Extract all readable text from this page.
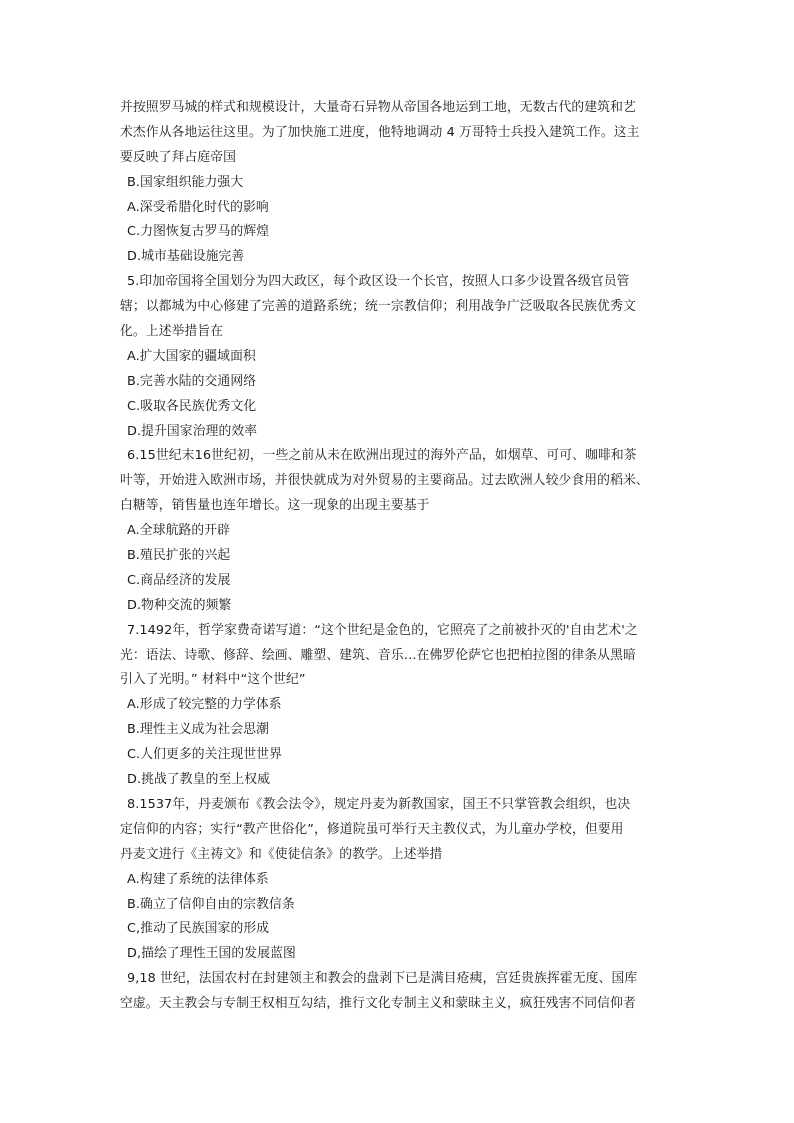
并按照罗马城的样式和规模设计，大量奇石异物从帝国各地运到工地，无数古代的建筑和艺
术杰作从各地运往这里。为了加快施工进度，他特地调动 4 万哥特士兵投入建筑工作。这主
要反映了拜占庭帝国
B.国家组织能力强大
A.深受希腊化时代的影响
C.力图恢复古罗马的辉煌
D.城市基础设施完善
5.印加帝国将全国划分为四大政区，每个政区设一个长官，按照人口多少设置各级官员管
辖；以都城为中心修建了完善的道路系统；统一宗教信仰；利用战争广泛吸取各民族优秀文
化。上述举措旨在
A.扩大国家的疆域面积
B.完善水陆的交通网络
C.吸取各民族优秀文化
D.提升国家治理的效率
6.15世纪末16世纪初，一些之前从未在欧洲出现过的海外产品，如烟草、可可、咖啡和茶
叶等，开始进入欧洲市场，并很快就成为对外贸易的主要商品。过去欧洲人较少食用的稻米、
白糖等，销售量也连年增长。这一现象的出现主要基于
A.全球航路的开辟
B.殖民扩张的兴起
C.商品经济的发展
D.物种交流的频繁
7.1492年，哲学家费奇诺写道：“这个世纪是金色的，它照亮了之前被扑灭的'自由艺术'之
光：语法、诗歌、修辞、绘画、雕塑、建筑、音乐…在佛罗伦萨它也把柏拉图的律条从黑暗
引入了光明。” 材料中“这个世纪”
A.形成了较完整的力学体系
B.理性主义成为社会思潮
C.人们更多的关注现世世界
D.挑战了教皇的至上权威
8.1537年，丹麦颁布《教会法令》，规定丹麦为新教国家，国王不只掌管教会组织，也决
定信仰的内容；实行“教产世俗化”，修道院虽可举行天主教仪式，为儿童办学校，但要用
丹麦文进行《主祷文》和《使徒信条》的教学。上述举措
A.构建了系统的法律体系
B.确立了信仰自由的宗教信条
C,推动了民族国家的形成
D,描绘了理性王国的发展蓝图
9,18 世纪，法国农村在封建领主和教会的盘剥下已是满目疮痍，宫廷贵族挥霍无度、国库
空虚。天主教会与专制王权相互勾结，推行文化专制主义和蒙昧主义，疯狂残害不同信仰者
